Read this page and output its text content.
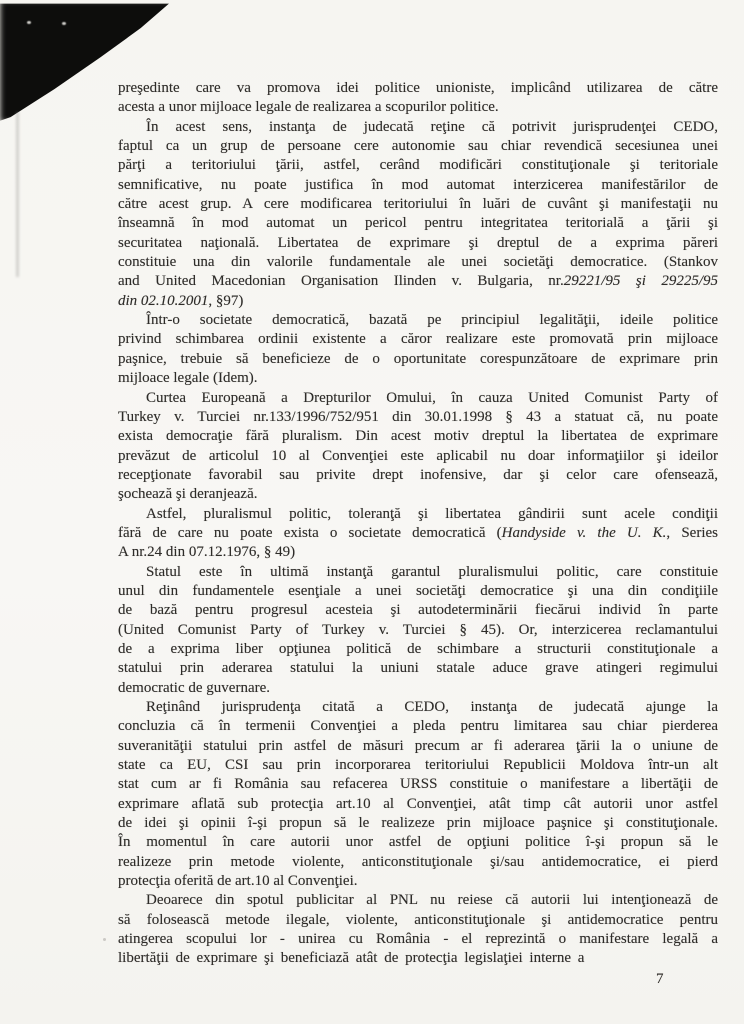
preşedinte care va promova idei politice unioniste, implicând utilizarea de către
acesta a unor mijloace legale de realizarea a scopurilor politice.
În acest sens, instanţa de judecată reţine că potrivit jurisprudenţei CEDO,
faptul ca un grup de persoane cere autonomie sau chiar revendică secesiunea unei
părţi a teritoriului ţării, astfel, cerând modificări constituţionale şi teritoriale
semnificative, nu poate justifica în mod automat interzicerea manifestărilor de
către acest grup. A cere modificarea teritoriului în luări de cuvânt şi manifestaţii nu
înseamnă în mod automat un pericol pentru integritatea teritorială a ţării şi
securitatea naţională. Libertatea de exprimare şi dreptul de a exprima păreri
constituie una din valorile fundamentale ale unei societăţi democratice. (Stankov
and United Macedonian Organisation Ilinden v. Bulgaria, nr.29221/95 şi 29225/95
din 02.10.2001, §97)
Într-o societate democratică, bazată pe principiul legalităţii, ideile politice
privind schimbarea ordinii existente a căror realizare este promovată prin mijloace
paşnice, trebuie să beneficieze de o oportunitate corespunzătoare de exprimare prin
mijloace legale (Idem).
Curtea Europeană a Drepturilor Omului, în cauza United Comunist Party of
Turkey v. Turciei nr.133/1996/752/951 din 30.01.1998 § 43 a statuat că, nu poate
exista democraţie fără pluralism. Din acest motiv dreptul la libertatea de exprimare
prevăzut de articolul 10 al Convenţiei este aplicabil nu doar informaţiilor şi ideilor
recepţionate favorabil sau privite drept inofensive, dar şi celor care ofensează,
şochează şi deranjează.
Astfel, pluralismul politic, toleranţă şi libertatea gândirii sunt acele condiţii
fără de care nu poate exista o societate democratică (Handyside v. the U. K., Series
A nr.24 din 07.12.1976, § 49)
Statul este în ultimă instanţă garantul pluralismului politic, care constituie
unul din fundamentele esenţiale a unei societăţi democratice şi una din condiţiile
de bază pentru progresul acesteia şi autodeterminării fiecărui individ în parte
(United Comunist Party of Turkey v. Turciei § 45). Or, interzicerea reclamantului
de a exprima liber opţiunea politică de schimbare a structurii constituţionale a
statului prin aderarea statului la uniuni statale aduce grave atingeri regimului
democratic de guvernare.
Reţinând jurisprudenţa citată a CEDO, instanţa de judecată ajunge la
concluzia că în termenii Convenţiei a pleda pentru limitarea sau chiar pierderea
suveranităţii statului prin astfel de măsuri precum ar fi aderarea ţării la o uniune de
state ca EU, CSI sau prin incorporarea teritoriului Republicii Moldova într-un alt
stat cum ar fi România sau refacerea URSS constituie o manifestare a libertăţii de
exprimare aflată sub protecţia art.10 al Convenţiei, atât timp cât autorii unor astfel
de idei şi opinii î-şi propun să le realizeze prin mijloace paşnice şi constituţionale.
În momentul în care autorii unor astfel de opţiuni politice î-şi propun să le
realizeze prin metode violente, anticonstituţionale şi/sau antidemocratice, ei pierd
protecţia oferită de art.10 al Convenţiei.
Deoarece din spotul publicitar al PNL nu reiese că autorii lui intenţionează de
să folosească metode ilegale, violente, anticonstituţionale şi antidemocratice pentru
atingerea scopului lor - unirea cu România - el reprezintă o manifestare legală a
libertăţii de exprimare şi beneficiază atât de protecţia legislaţiei interne a
7
